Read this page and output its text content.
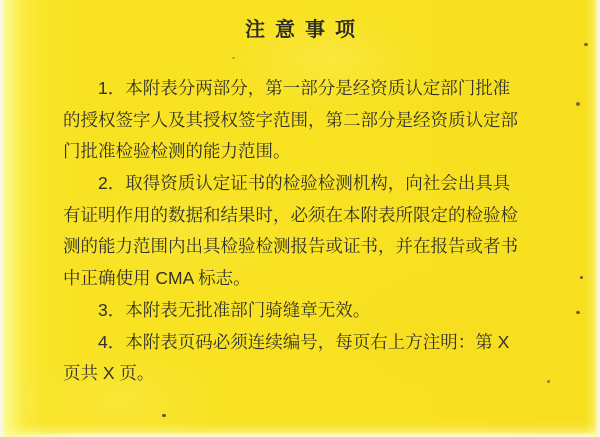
注意事项
1．本附表分两部分，第一部分是经资质认定部门批准
的授权签字人及其授权签字范围，第二部分是经资质认定部
门批准检验检测的能力范围。
2．取得资质认定证书的检验检测机构，向社会出具具
有证明作用的数据和结果时，必须在本附表所限定的检验检
测的能力范围内出具检验检测报告或证书，并在报告或者书
中正确使用 CMA 标志。
3．本附表无批准部门骑缝章无效。
4．本附表页码必须连续编号，每页右上方注明：第 X
页共 X 页。
